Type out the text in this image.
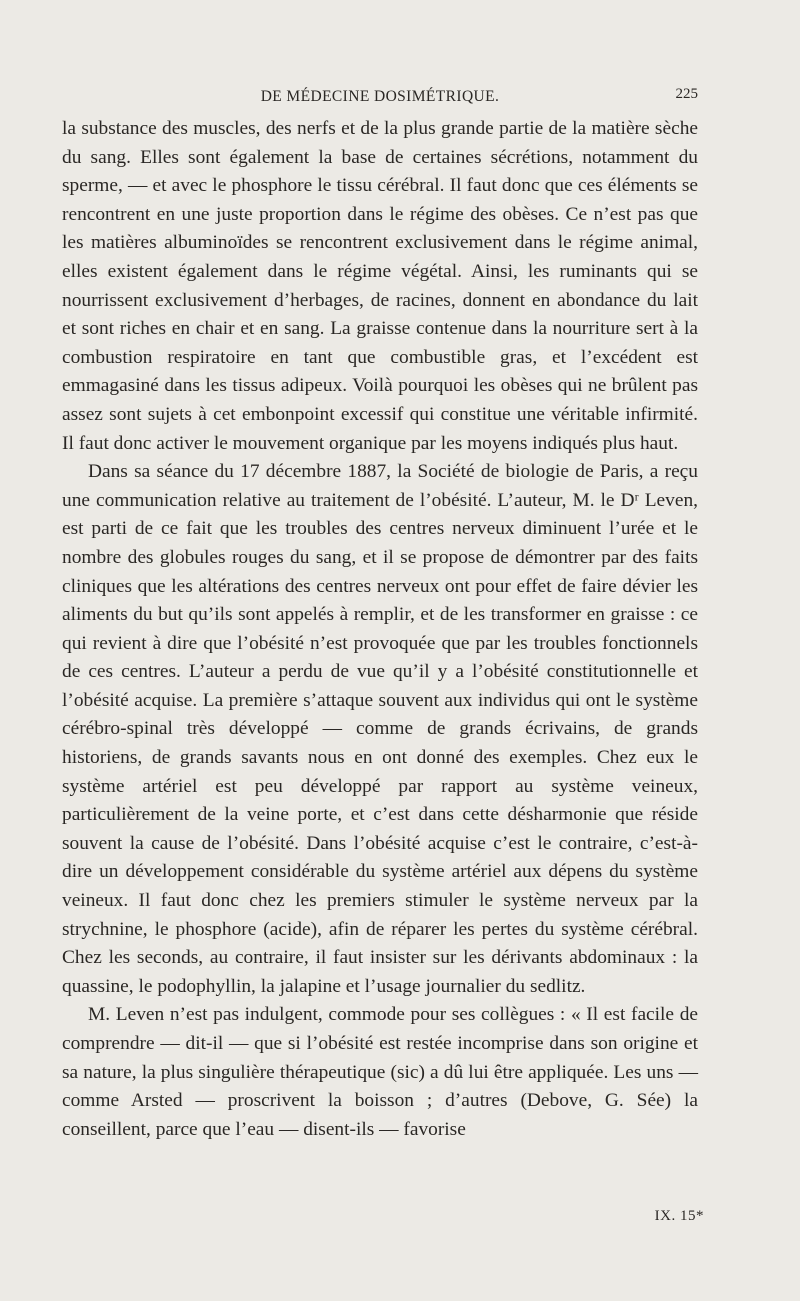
DE MÉDECINE DOSIMÉTRIQUE.	225

la substance des muscles, des nerfs et de la plus grande partie de la matière sèche du sang. Elles sont également la base de certaines sécrétions, notamment du sperme, — et avec le phosphore le tissu cérébral. Il faut donc que ces éléments se rencontrent en une juste proportion dans le régime des obèses. Ce n’est pas que les matières albuminoïdes se rencontrent exclusivement dans le régime animal, elles existent également dans le régime végétal. Ainsi, les ruminants qui se nourrissent exclusivement d’herbages, de racines, donnent en abondance du lait et sont riches en chair et en sang. La graisse contenue dans la nourriture sert à la combustion respiratoire en tant que combustible gras, et l’excédent est emmagasiné dans les tissus adipeux. Voilà pourquoi les obèses qui ne brûlent pas assez sont sujets à cet embonpoint excessif qui constitue une véritable infirmité. Il faut donc activer le mouvement organique par les moyens indiqués plus haut.

Dans sa séance du 17 décembre 1887, la Société de biologie de Paris, a reçu une communication relative au traitement de l’obésité. L’auteur, M. le Dʳ Leven, est parti de ce fait que les troubles des centres nerveux diminuent l’urée et le nombre des globules rouges du sang, et il se propose de démontrer par des faits cliniques que les altérations des centres nerveux ont pour effet de faire dévier les aliments du but qu’ils sont appelés à remplir, et de les transformer en graisse : ce qui revient à dire que l’obésité n’est provoquée que par les troubles fonctionnels de ces centres. L’auteur a perdu de vue qu’il y a l’obésité constitutionnelle et l’obésité acquise. La première s’attaque souvent aux individus qui ont le système cérébro-spinal très développé — comme de grands écrivains, de grands historiens, de grands savants nous en ont donné des exemples. Chez eux le système artériel est peu développé par rapport au système veineux, particulièrement de la veine porte, et c’est dans cette désharmonie que réside souvent la cause de l’obésité. Dans l’obésité acquise c’est le contraire, c’est-à-dire un développement considérable du système artériel aux dépens du système veineux. Il faut donc chez les premiers stimuler le système nerveux par la strychnine, le phosphore (acide), afin de réparer les pertes du système cérébral. Chez les seconds, au contraire, il faut insister sur les dérivants abdominaux : la quassine, le podophyllin, la jalapine et l’usage journalier du sedlitz.

M. Leven n’est pas indulgent, commode pour ses collègues : « Il est facile de comprendre — dit-il — que si l’obésité est restée incomprise dans son origine et sa nature, la plus singulière thérapeutique (sic) a dû lui être appliquée. Les uns — comme Arsted — proscrivent la boisson ; d’autres (Debove, G. Sée) la conseillent, parce que l’eau — disent-ils — favorise

IX. 15*
